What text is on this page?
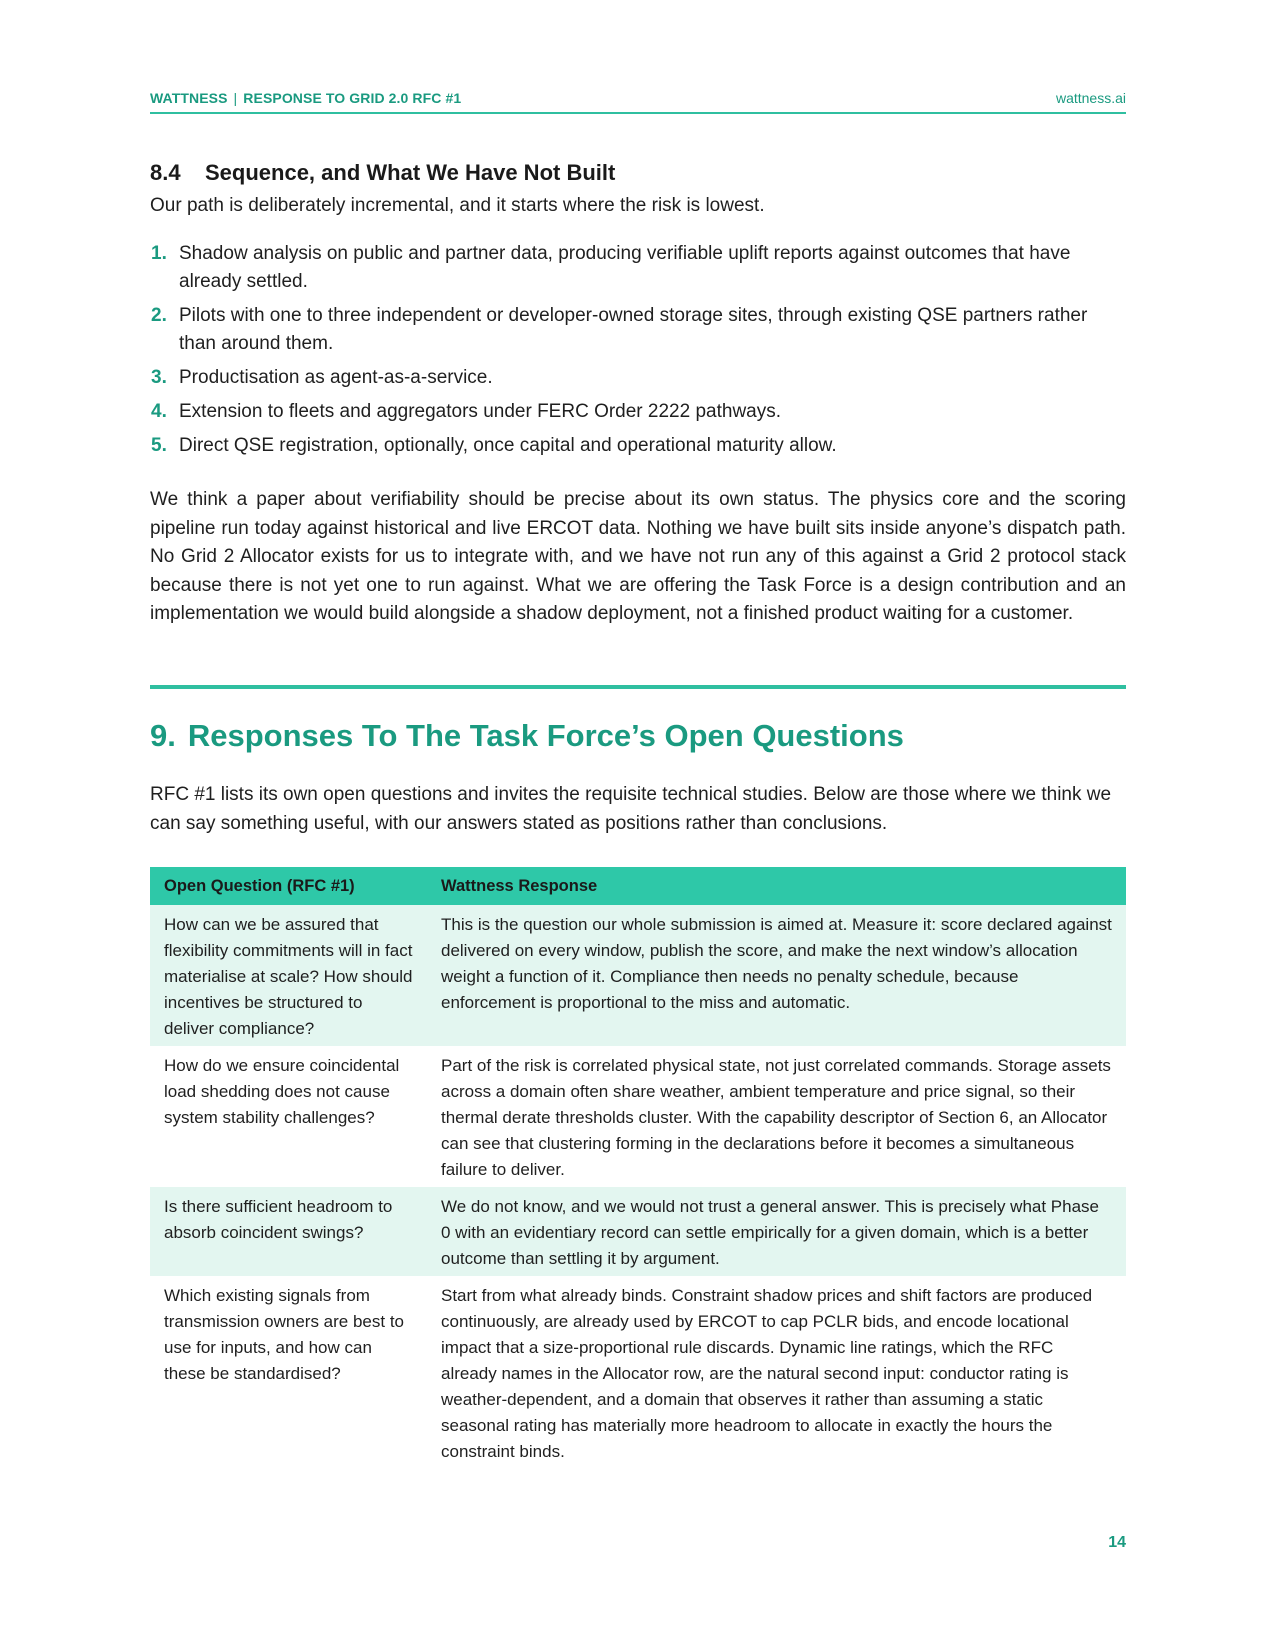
WATTNESS | RESPONSE TO GRID 2.0 RFC #1	wattness.ai
8.4 Sequence, and What We Have Not Built

Our path is deliberately incremental, and it starts where the risk is lowest.

1. Shadow analysis on public and partner data, producing verifiable uplift reports against outcomes that have already settled.
2. Pilots with one to three independent or developer-owned storage sites, through existing QSE partners rather than around them.
3. Productisation as agent-as-a-service.
4. Extension to fleets and aggregators under FERC Order 2222 pathways.
5. Direct QSE registration, optionally, once capital and operational maturity allow.

We think a paper about verifiability should be precise about its own status. The physics core and the scoring pipeline run today against historical and live ERCOT data. Nothing we have built sits inside anyone’s dispatch path. No Grid 2 Allocator exists for us to integrate with, and we have not run any of this against a Grid 2 protocol stack because there is not yet one to run against. What we are offering the Task Force is a design contribution and an implementation we would build alongside a shadow deployment, not a finished product waiting for a customer.

9. Responses To The Task Force’s Open Questions

RFC #1 lists its own open questions and invites the requisite technical studies. Below are those where we think we can say something useful, with our answers stated as positions rather than conclusions.

Open Question (RFC #1)	Wattness Response
How can we be assured that flexibility commitments will in fact materialise at scale? How should incentives be structured to deliver compliance?	This is the question our whole submission is aimed at. Measure it: score declared against delivered on every window, publish the score, and make the next window’s allocation weight a function of it. Compliance then needs no penalty schedule, because enforcement is proportional to the miss and automatic.
How do we ensure coincidental load shedding does not cause system stability challenges?	Part of the risk is correlated physical state, not just correlated commands. Storage assets across a domain often share weather, ambient temperature and price signal, so their thermal derate thresholds cluster. With the capability descriptor of Section 6, an Allocator can see that clustering forming in the declarations before it becomes a simultaneous failure to deliver.
Is there sufficient headroom to absorb coincident swings?	We do not know, and we would not trust a general answer. This is precisely what Phase 0 with an evidentiary record can settle empirically for a given domain, which is a better outcome than settling it by argument.
Which existing signals from transmission owners are best to use for inputs, and how can these be standardised?	Start from what already binds. Constraint shadow prices and shift factors are produced continuously, are already used by ERCOT to cap PCLR bids, and encode locational impact that a size-proportional rule discards. Dynamic line ratings, which the RFC already names in the Allocator row, are the natural second input: conductor rating is weather-dependent, and a domain that observes it rather than assuming a static seasonal rating has materially more headroom to allocate in exactly the hours the constraint binds.
14
